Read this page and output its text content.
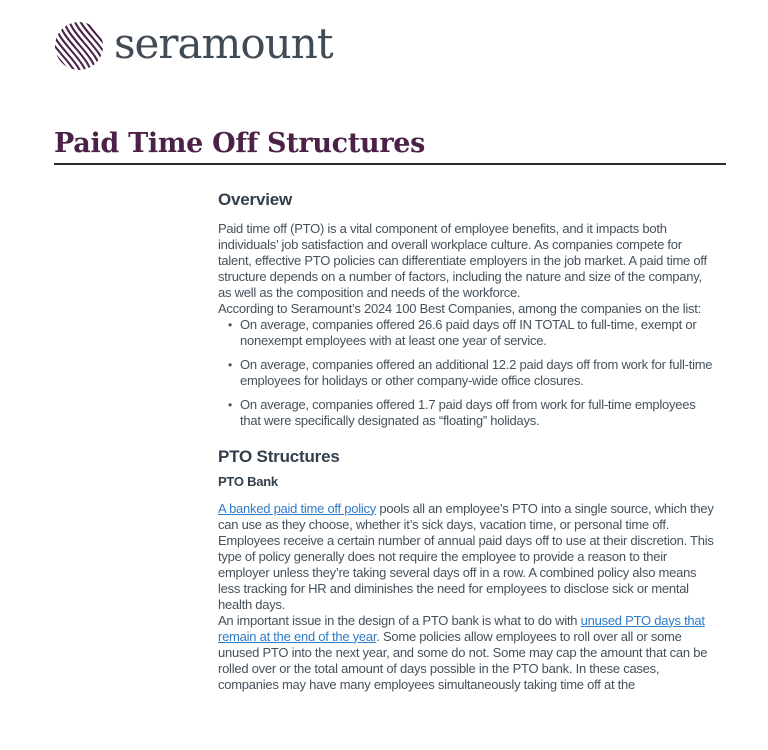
seramount
Paid Time Off Structures
Overview

Paid time off (PTO) is a vital component of employee benefits, and it impacts both individuals’ job satisfaction and overall workplace culture. As companies compete for talent, effective PTO policies can differentiate employers in the job market. A paid time off structure depends on a number of factors, including the nature and size of the company, as well as the composition and needs of the workforce.

According to Seramount’s 2024 100 Best Companies, among the companies on the list:

• On average, companies offered 26.6 paid days off IN TOTAL to full-time, exempt or nonexempt employees with at least one year of service.
• On average, companies offered an additional 12.2 paid days off from work for full-time employees for holidays or other company-wide office closures.
• On average, companies offered 1.7 paid days off from work for full-time employees that were specifically designated as “floating” holidays.
PTO Structures
PTO Bank

A banked paid time off policy pools all an employee’s PTO into a single source, which they can use as they choose, whether it’s sick days, vacation time, or personal time off. Employees receive a certain number of annual paid days off to use at their discretion. This type of policy generally does not require the employee to provide a reason to their employer unless they’re taking several days off in a row. A combined policy also means less tracking for HR and diminishes the need for employees to disclose sick or mental health days.

An important issue in the design of a PTO bank is what to do with unused PTO days that remain at the end of the year. Some policies allow employees to roll over all or some unused PTO into the next year, and some do not. Some may cap the amount that can be rolled over or the total amount of days possible in the PTO bank. In these cases, companies may have many employees simultaneously taking time off at the
